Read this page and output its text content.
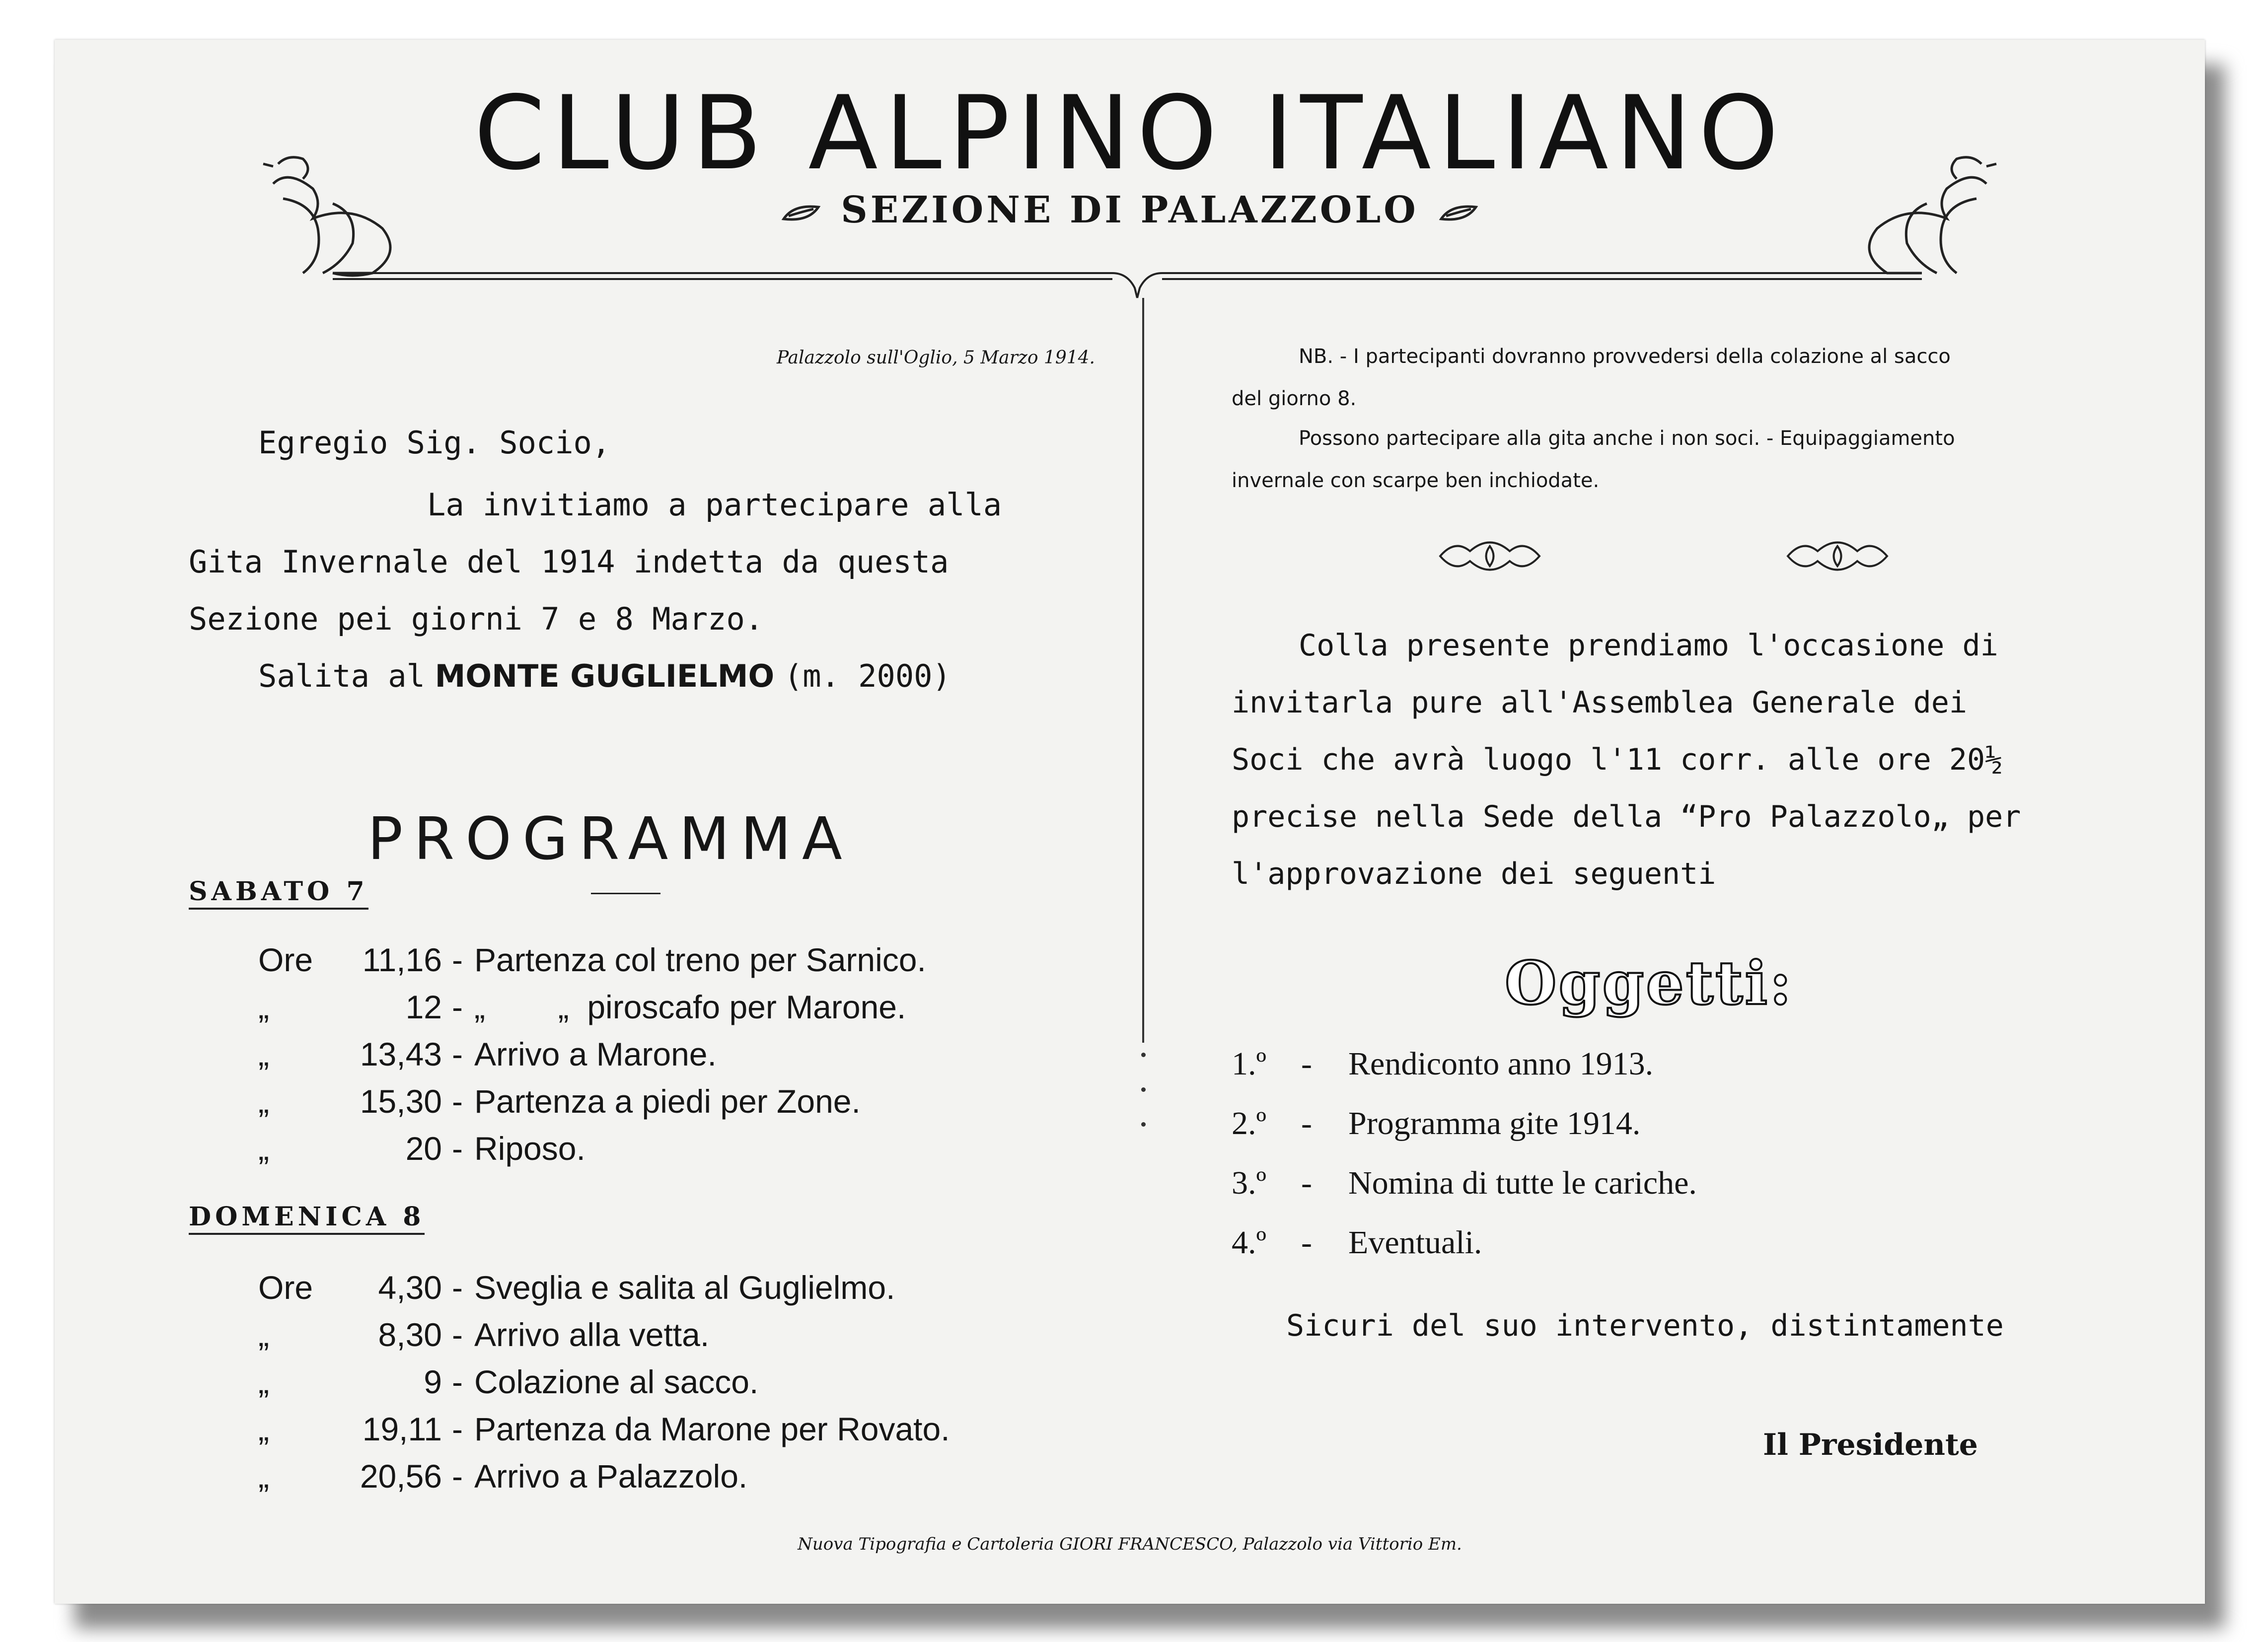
CLUB ALPINO ITALIANO
SEZIONE DI PALAZZOLO
Palazzolo sull'Oglio, 5 Marzo 1914.
Egregio Sig. Socio,
La invitiamo a partecipare alla
Gita Invernale del 1914 indetta da questa
Sezione pei giorni 7 e 8 Marzo.
Salita al MONTE GUGLIELMO (m. 2000)
PROGRAMMA
SABATO 7
Ore	11,16 - Partenza col treno per Sarnico.
„	12 - „        „  piroscafo per Marone.
„	13,43 - Arrivo a Marone.
„	15,30 - Partenza a piedi per Zone.
„	20 - Riposo.
DOMENICA 8
Ore	4,30 - Sveglia e salita al Guglielmo.
„	8,30 - Arrivo alla vetta.
„	9 - Colazione al sacco.
„	19,11 - Partenza da Marone per Rovato.
„	20,56 - Arrivo a Palazzolo.
NB. - I partecipanti dovranno provvedersi della colazione al sacco
del giorno 8.
Possono partecipare alla gita anche i non soci. - Equipaggiamento
invernale con scarpe ben inchiodate.
Colla presente prendiamo l'occasione di
invitarla pure all'Assemblea Generale dei
Soci che avrà luogo l'11 corr. alle ore 20½
precise nella Sede della “Pro Palazzolo„ per
l'approvazione dei seguenti
Oggetti:
1.º - Rendiconto anno 1913.
2.º - Programma gite 1914.
3.º - Nomina di tutte le cariche.
4.º - Eventuali.
Sicuri del suo intervento, distintamente
Il Presidente
Nuova Tipografia e Cartoleria GIORI FRANCESCO, Palazzolo via Vittorio Em.
